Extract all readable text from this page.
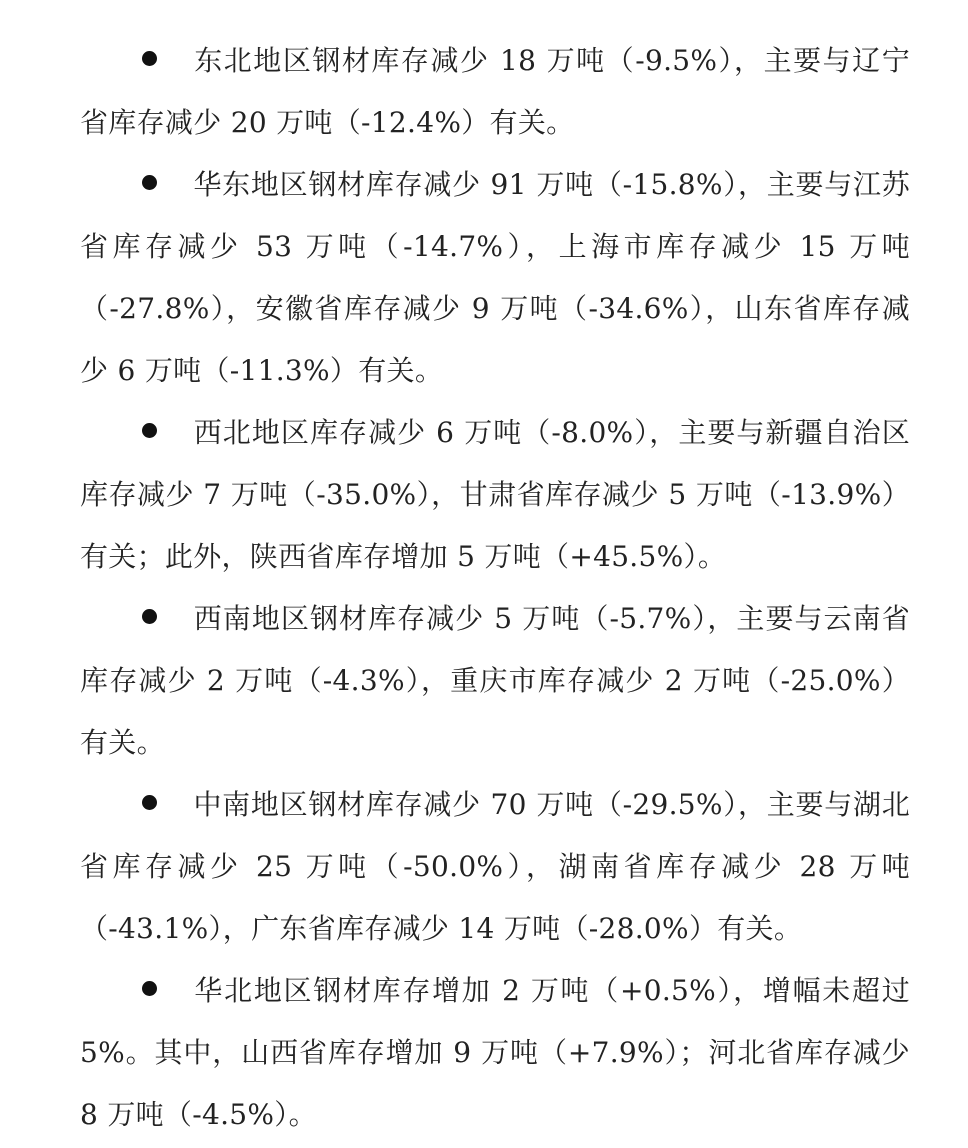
东北地区钢材库存减少 18 万吨（-9.5%），主要与辽宁省库存减少 20 万吨（-12.4%）有关。

华东地区钢材库存减少 91 万吨（-15.8%），主要与江苏省库存减少 53 万吨（-14.7%），上海市库存减少 15 万吨（-27.8%），安徽省库存减少 9 万吨（-34.6%），山东省库存减少 6 万吨（-11.3%）有关。

西北地区库存减少 6 万吨（-8.0%），主要与新疆自治区库存减少 7 万吨（-35.0%），甘肃省库存减少 5 万吨（-13.9%）有关；此外，陕西省库存增加 5 万吨（+45.5%）。

西南地区钢材库存减少 5 万吨（-5.7%），主要与云南省库存减少 2 万吨（-4.3%），重庆市库存减少 2 万吨（-25.0%）有关。

中南地区钢材库存减少 70 万吨（-29.5%），主要与湖北省库存减少 25 万吨（-50.0%），湖南省库存减少 28 万吨（-43.1%），广东省库存减少 14 万吨（-28.0%）有关。

华北地区钢材库存增加 2 万吨（+0.5%），增幅未超过5%。其中，山西省库存增加 9 万吨（+7.9%）；河北省库存减少 8 万吨（-4.5%）。
